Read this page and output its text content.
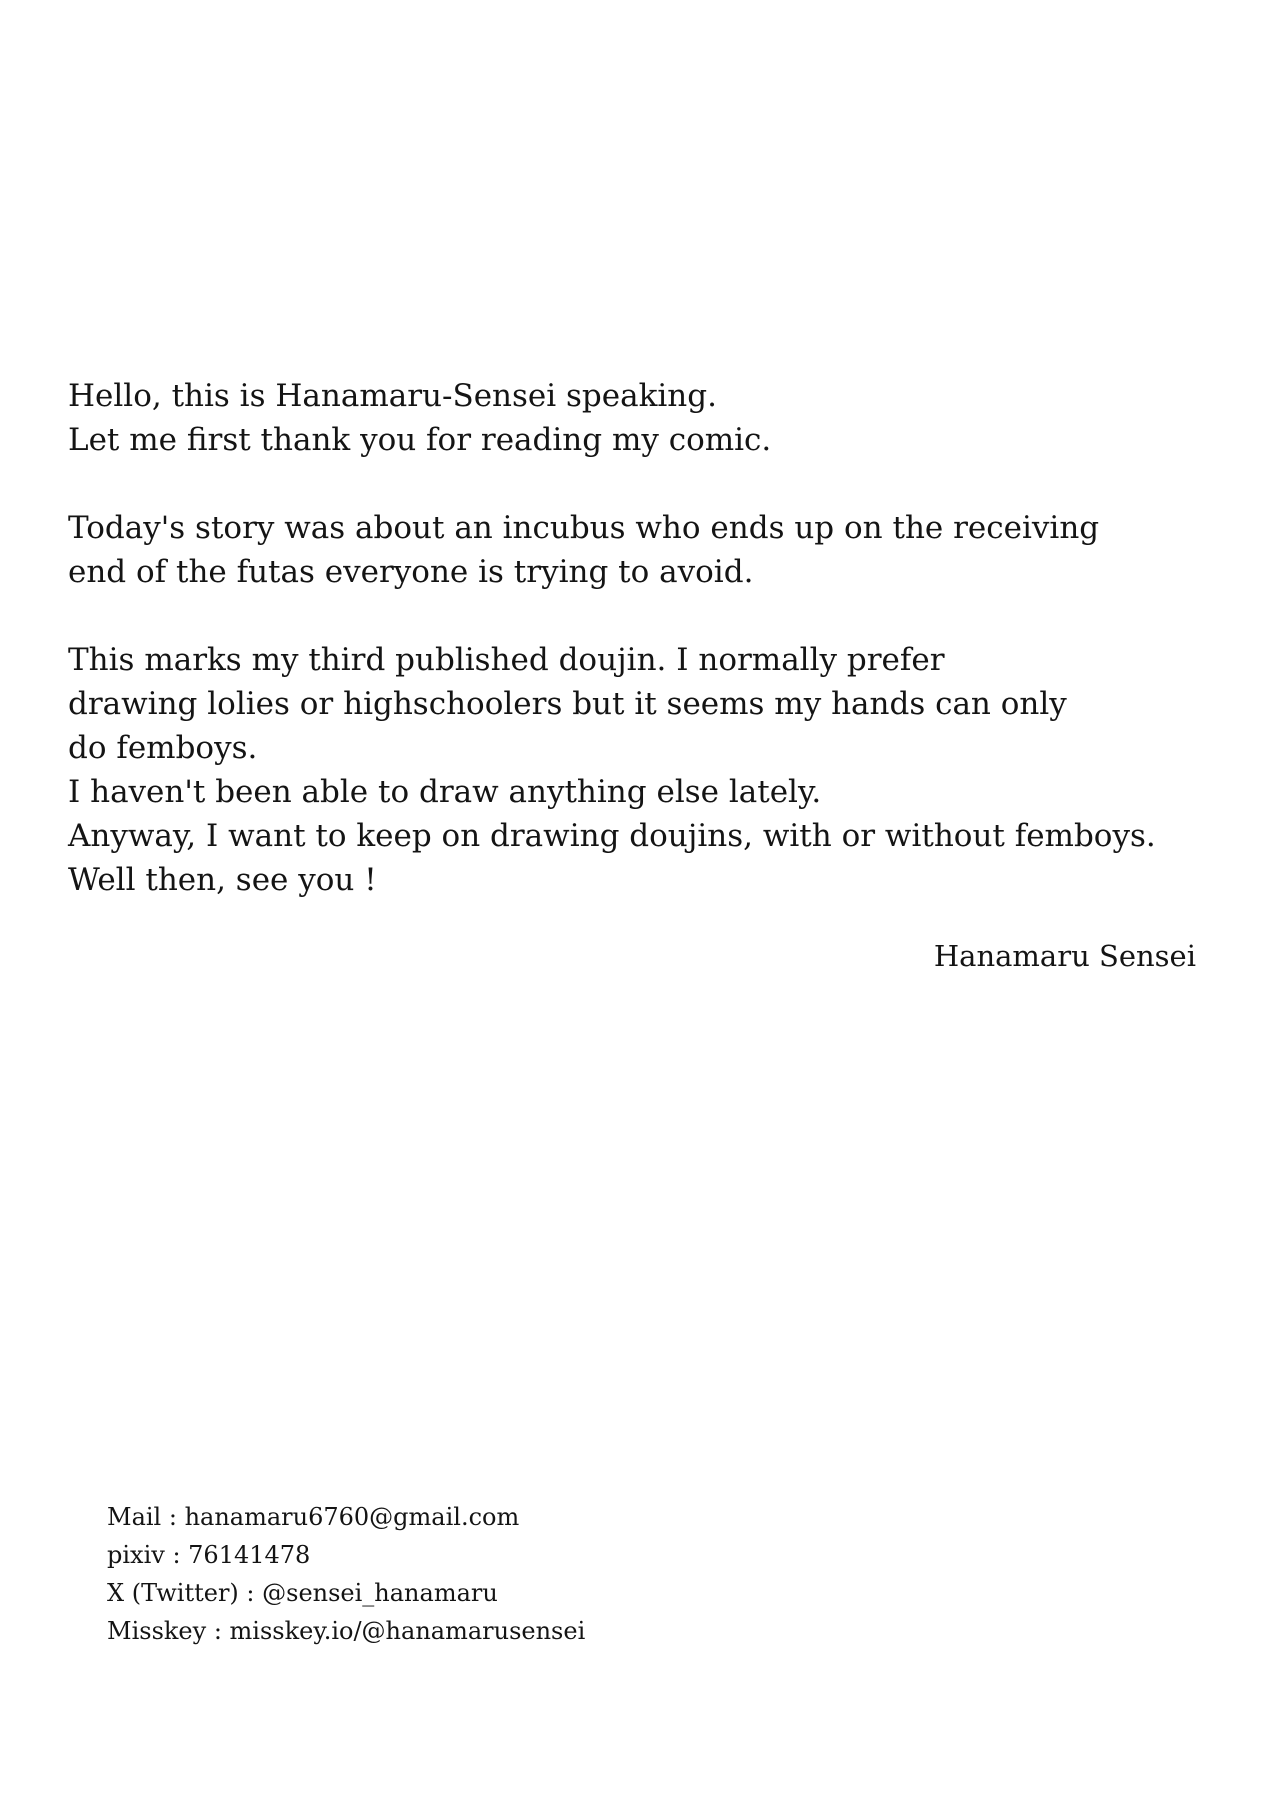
Hello, this is Hanamaru-Sensei speaking.
Let me first thank you for reading my comic.

Today's story was about an incubus who ends up on the receiving
end of the futas everyone is trying to avoid.

This marks my third published doujin. I normally prefer
drawing lolies or highschoolers but it seems my hands can only
do femboys.
I haven't been able to draw anything else lately.
Anyway, I want to keep on drawing doujins, with or without femboys.
Well then, see you !

Hanamaru Sensei
Mail : hanamaru6760@gmail.com
pixiv : 76141478
X (Twitter) : @sensei_hanamaru
Misskey : misskey.io/@hanamarusensei
